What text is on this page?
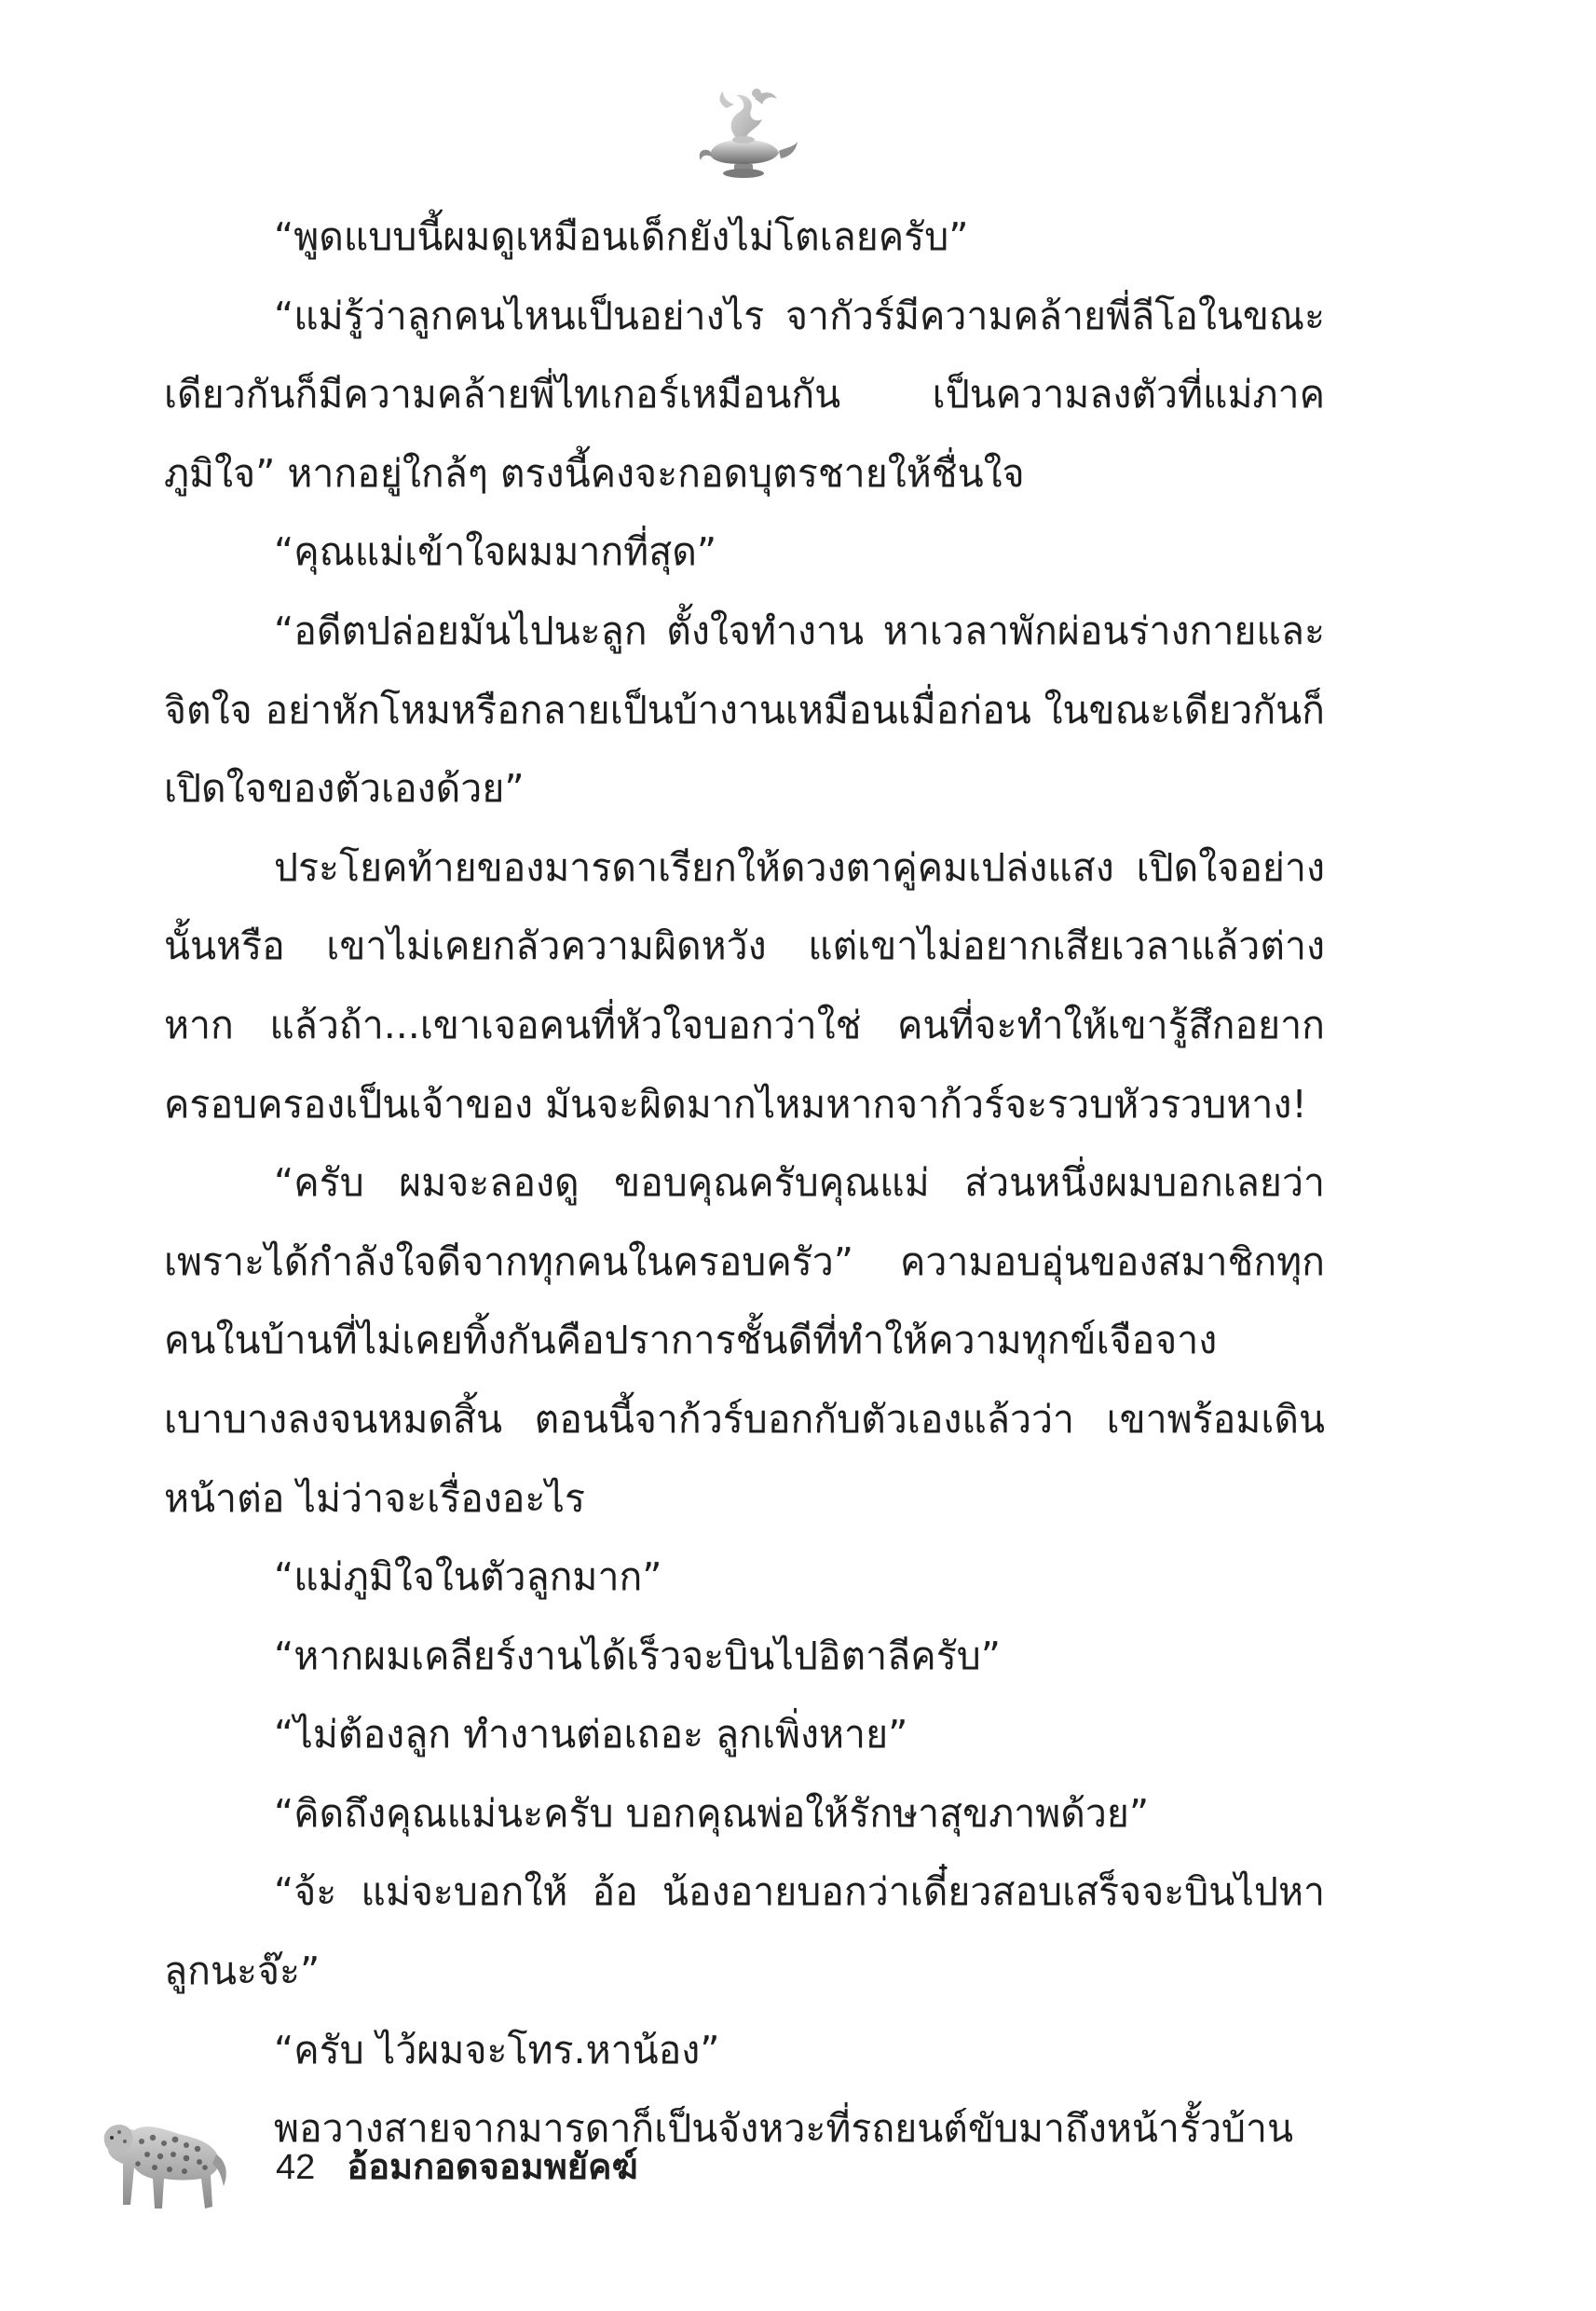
“พูดแบบนี้ผมดูเหมือนเด็กยังไม่โตเลยครับ”

“แม่รู้ว่าลูกคนไหนเป็นอย่างไร จากัวร์มีความคล้ายพี่ลีโอในขณะเดียวกันก็มีความคล้ายพี่ไทเกอร์เหมือนกัน เป็นความลงตัวที่แม่ภาคภูมิใจ” หากอยู่ใกล้ๆ ตรงนี้คงจะกอดบุตรชายให้ชื่นใจ

“คุณแม่เข้าใจผมมากที่สุด”

“อดีตปล่อยมันไปนะลูก ตั้งใจทำงาน หาเวลาพักผ่อนร่างกายและจิตใจ อย่าหักโหมหรือกลายเป็นบ้างานเหมือนเมื่อก่อน ในขณะเดียวกันก็เปิดใจของตัวเองด้วย”

ประโยคท้ายของมารดาเรียกให้ดวงตาคู่คมเปล่งแสง เปิดใจอย่างนั้นหรือ เขาไม่เคยกลัวความผิดหวัง แต่เขาไม่อยากเสียเวลาแล้วต่างหาก แล้วถ้า...เขาเจอคนที่หัวใจบอกว่าใช่ คนที่จะทำให้เขารู้สึกอยากครอบครองเป็นเจ้าของ มันจะผิดมากไหมหากจาก้วร์จะรวบหัวรวบหาง!

“ครับ ผมจะลองดู ขอบคุณครับคุณแม่ ส่วนหนึ่งผมบอกเลยว่าเพราะได้กำลังใจดีจากทุกคนในครอบครัว” ความอบอุ่นของสมาชิกทุกคนในบ้านที่ไม่เคยทิ้งกันคือปราการชั้นดีที่ทำให้ความทุกข์เจือจางเบาบางลงจนหมดสิ้น ตอนนี้จาก้วร์บอกกับตัวเองแล้วว่า เขาพร้อมเดินหน้าต่อ ไม่ว่าจะเรื่องอะไร

“แม่ภูมิใจในตัวลูกมาก”

“หากผมเคลียร์งานได้เร็วจะบินไปอิตาลีครับ”

“ไม่ต้องลูก ทำงานต่อเถอะ ลูกเพิ่งหาย”

“คิดถึงคุณแม่นะครับ บอกคุณพ่อให้รักษาสุขภาพด้วย”

“จ้ะ แม่จะบอกให้ อ้อ น้องอายบอกว่าเดี๋ยวสอบเสร็จจะบินไปหาลูกนะจ๊ะ”

“ครับ ไว้ผมจะโทร.หาน้อง”

พอวางสายจากมารดาก็เป็นจังหวะที่รถยนต์ขับมาถึงหน้ารั้วบ้าน

42 อ้อมกอดจอมพยัคฆ์
